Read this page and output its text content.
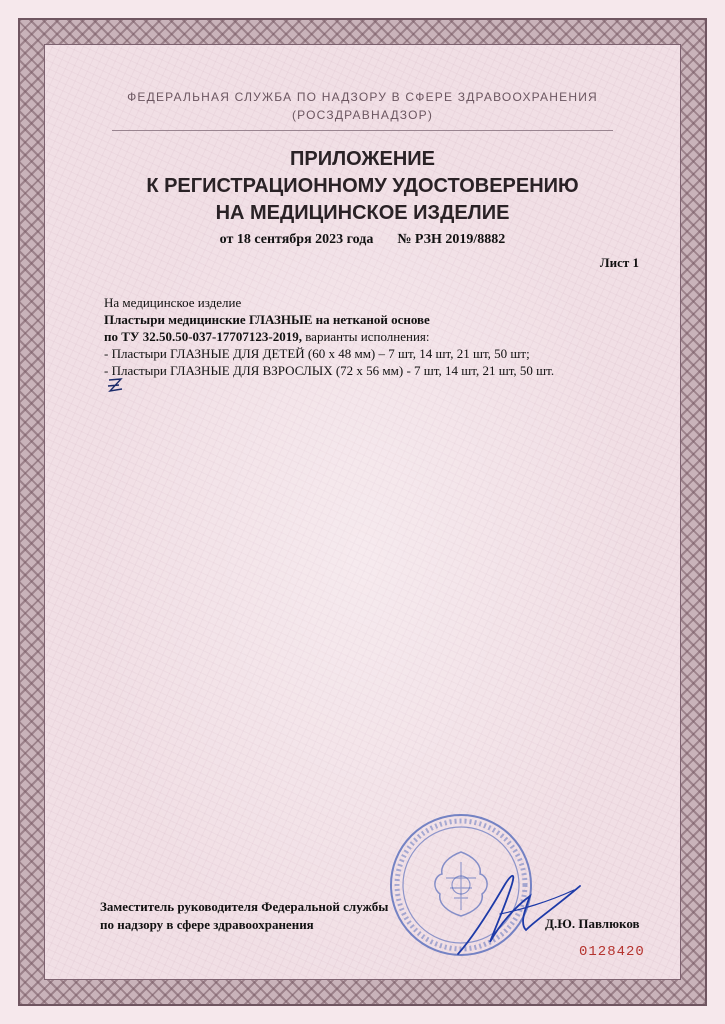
ФЕДЕРАЛЬНАЯ СЛУЖБА ПО НАДЗОРУ В СФЕРЕ ЗДРАВООХРАНЕНИЯ
(РОСЗДРАВНАДЗОР)
ПРИЛОЖЕНИЕ
К РЕГИСТРАЦИОННОМУ УДОСТОВЕРЕНИЮ
НА МЕДИЦИНСКОЕ ИЗДЕЛИЕ
от 18 сентября 2023 года № РЗН 2019/8882
Лист 1
На медицинское изделие
Пластыри медицинские ГЛАЗНЫЕ на нетканой основе
по ТУ 32.50.50-037-17707123-2019, варианты исполнения:
- Пластыри ГЛАЗНЫЕ ДЛЯ ДЕТЕЙ (60 х 48 мм) – 7 шт, 14 шт, 21 шт, 50 шт;
- Пластыри ГЛАЗНЫЕ ДЛЯ ВЗРОСЛЫХ (72 х 56 мм) - 7 шт, 14 шт, 21 шт, 50 шт.
Заместитель руководителя Федеральной службы
по надзору в сфере здравоохранения	Д.Ю. Павлюков
0128420
